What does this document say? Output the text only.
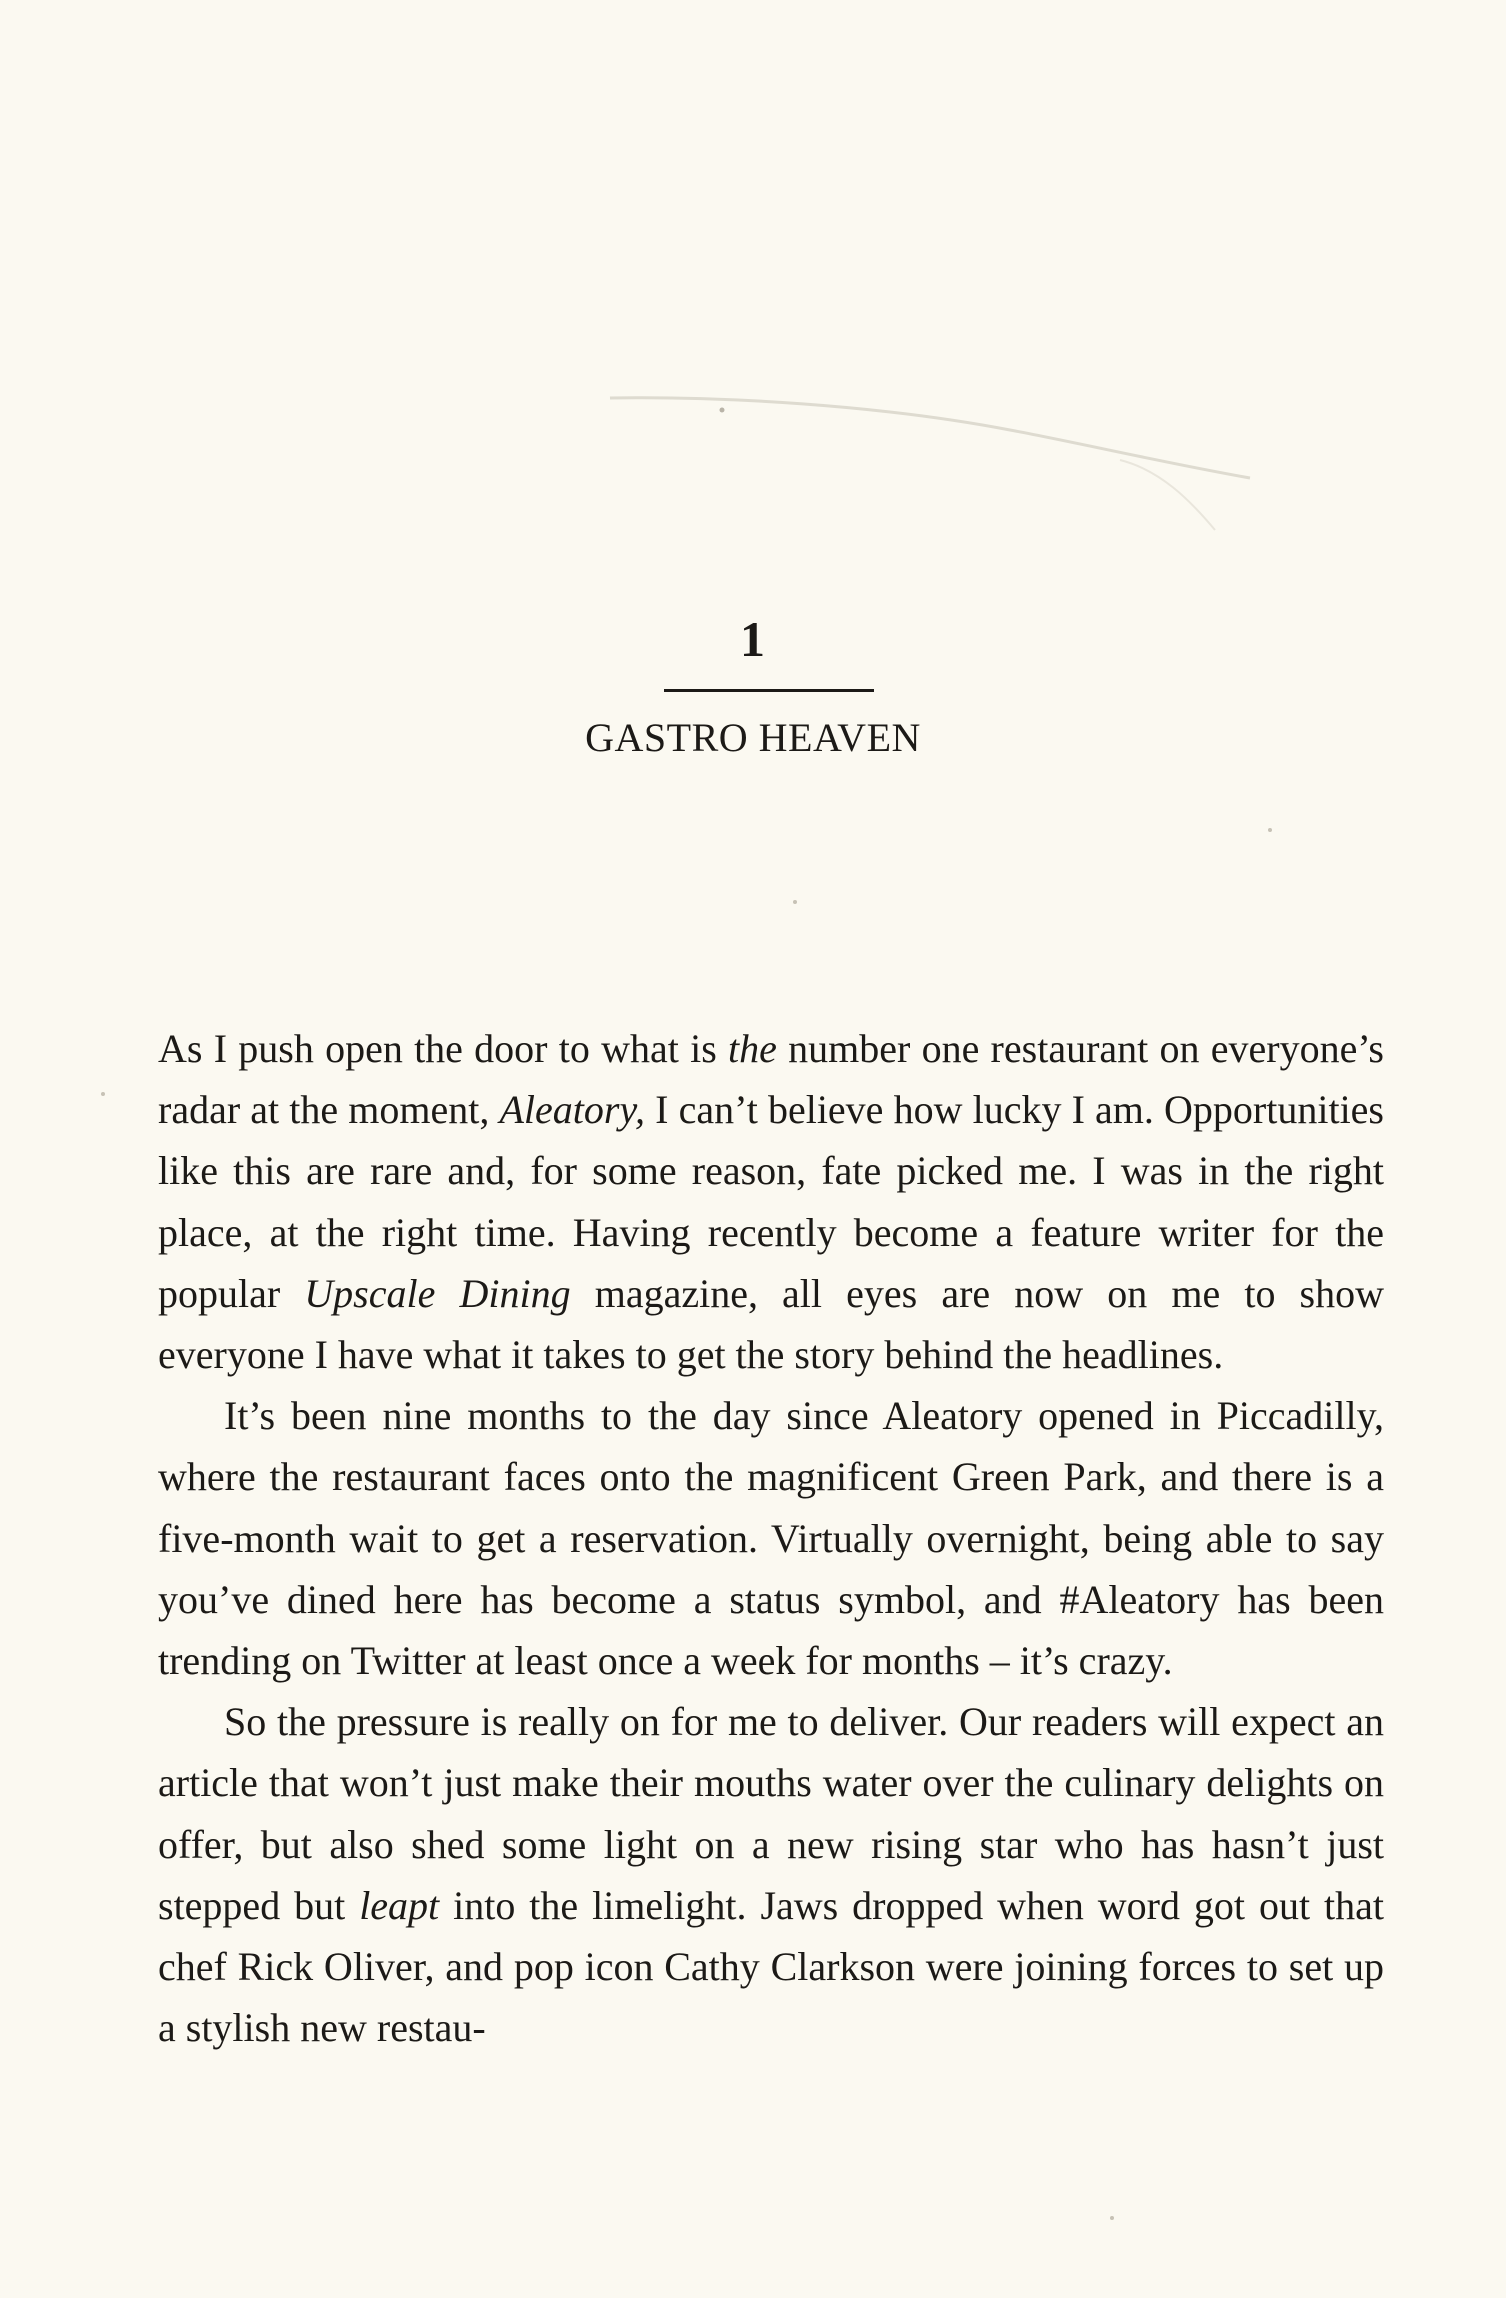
1
GASTRO HEAVEN

As I push open the door to what is the number one restaurant on everyone’s radar at the moment, Aleatory, I can’t believe how lucky I am. Opportunities like this are rare and, for some reason, fate picked me. I was in the right place, at the right time. Having recently become a feature writer for the popular Upscale Dining magazine, all eyes are now on me to show everyone I have what it takes to get the story behind the headlines.

It’s been nine months to the day since Aleatory opened in Piccadilly, where the restaurant faces onto the magnificent Green Park, and there is a five-month wait to get a reservation. Virtually overnight, being able to say you’ve dined here has become a status symbol, and #Aleatory has been trending on Twitter at least once a week for months – it’s crazy.

So the pressure is really on for me to deliver. Our readers will expect an article that won’t just make their mouths water over the culinary delights on offer, but also shed some light on a new rising star who has hasn’t just stepped but leapt into the limelight. Jaws dropped when word got out that chef Rick Oliver, and pop icon Cathy Clarkson were joining forces to set up a stylish new restau-
